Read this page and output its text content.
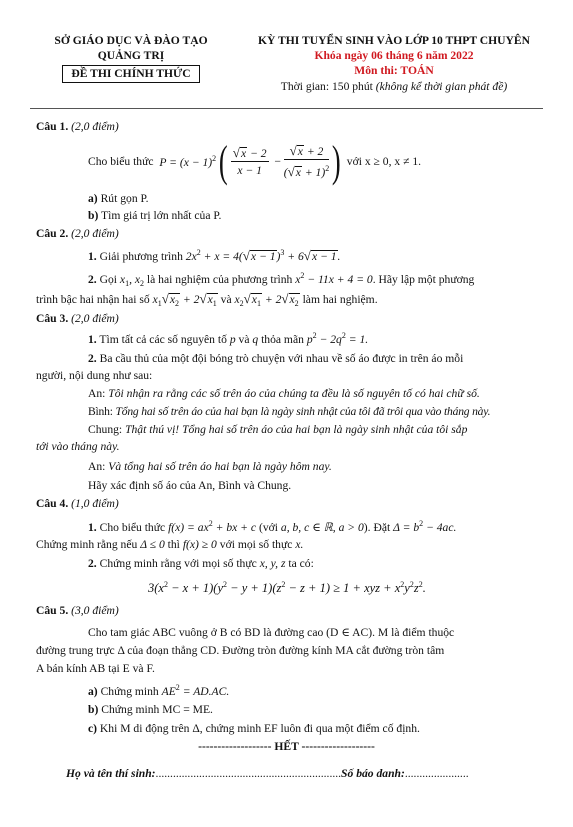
SỞ GIÁO DỤC VÀ ĐÀO TẠO
QUẢNG TRỊ
ĐỀ THI CHÍNH THỨC
KỲ THI TUYỂN SINH VÀO LỚP 10 THPT CHUYÊN
Khóa ngày 06 tháng 6 năm 2022
Môn thi: TOÁN
Thời gian: 150 phút (không kể thời gian phát đề)
Câu 1. (2,0 điểm)
Cho biểu thức  $P = (x - 1)^2( \frac{√x - 2}{x - 1} - \frac{√x + 2}{(√x + 1)^2}$ ) với x ≥ 0, x ≠ 1.
a) Rút gọn P.
b) Tìm giá trị lớn nhất của P.
Câu 2. (2,0 điểm)
1. Giải phương trình $2x^2 + x = 4(√x - 1)^3 + 6√x - 1$.
2. Gọi $x_1$, $x_2$ là hai nghiệm của phương trình $x^2 - 11x + 4 = 0$. Hãy lập một phương
trình bậc hai nhận hai số $x_1√x_2 + 2√x_1$ và $x_2√x_1 + 2√x_2$ làm hai nghiệm.
Câu 3. (2,0 điểm)
1. Tìm tất cả các số nguyên tố p và q thỏa mãn $p^2 - 2q^2 = 1$.
2. Ba cầu thủ của một đội bóng trò chuyện với nhau về số áo được in trên áo mỗi
người, nội dung như sau:
An: Tôi nhận ra rằng các số trên áo của chúng ta đều là số nguyên tố có hai chữ số.
Bình: Tổng hai số trên áo của hai bạn là ngày sinh nhật của tôi đã trôi qua vào tháng này.
Chung: Thật thú vị! Tổng hai số trên áo của hai bạn là ngày sinh nhật của tôi sắp
tới vào tháng này.
An: Và tổng hai số trên áo hai bạn là ngày hôm nay.
Hãy xác định số áo của An, Bình và Chung.
Câu 4. (1,0 điểm)
1. Cho biểu thức $f(x) = ax^2$ + bx + c (với a, b, c ∈ ℝ, a > 0). Đặt $\Delta = b^2 - 4ac$.
Chứng minh rằng nếu Δ ≤ 0 thì f(x) ≥ 0 với mọi số thực x.
2. Chứng minh rằng với mọi số thực x, y, z ta có:
$3(x^2 - x + 1)(y^2 - y + 1)(z^2 - z + 1) \ge 1$ + xyz + $x^2y^2z^2$.
Câu 5. (3,0 điểm)
Cho tam giác ABC vuông ở B có BD là đường cao (D ∈ AC). M là điểm thuộc
đường trung trực Δ của đoạn thẳng CD. Đường tròn đường kính MA cắt đường tròn tâm
A bán kính AB tại E và F.
a) Chứng minh $AE^2 = AD.AC$.
b) Chứng minh MC = ME.
c) Khi M di động trên Δ, chứng minh EF luôn đi qua một điểm cố định.
------------------- HẾT -------------------
Họ và tên thí sinh:................................................................Số báo danh:......................
